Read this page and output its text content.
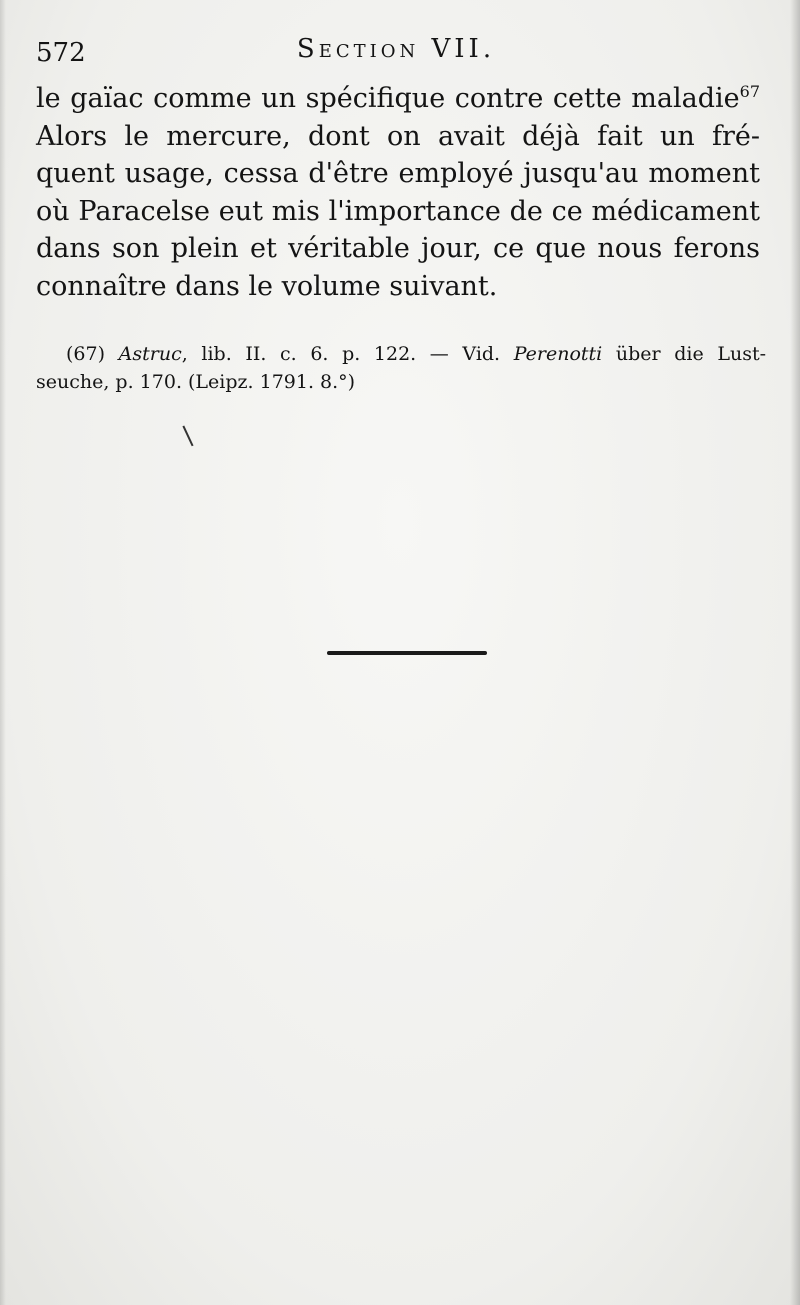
572	Section VII.
le gaïac comme un spécifique contre cette maladie$^{67}$
Alors le mercure, dont on avait déjà fait un fré-
quent usage, cessa d'être employé jusqu'au moment
où Paracelse eut mis l'importance de ce médicament
dans son plein et véritable jour, ce que nous ferons
connaître dans le volume suivant.
(67) Astruc, lib. II. c. 6. p. 122. — Vid. Perenotti über die Lust-
seuche, p. 170. (Leipz. 1791. 8.°)
